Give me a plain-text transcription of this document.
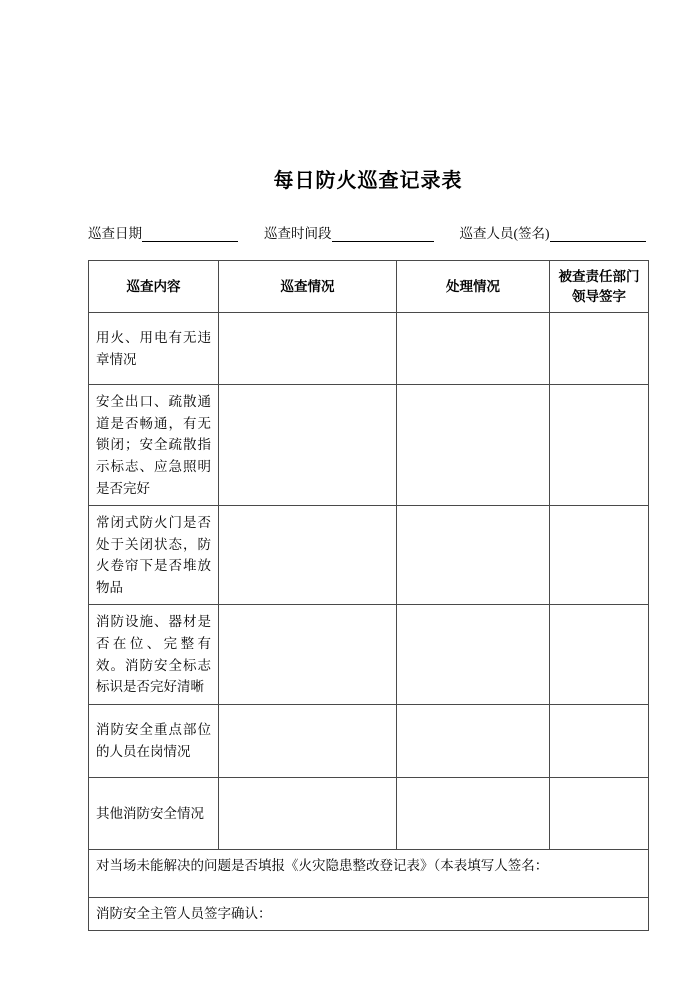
每日防火巡查记录表
巡查日期	巡查时间段	巡查人员(签名)
巡查内容	巡查情况	处理情况	被查责任部门领导签字
用火、用电有无违章情况			
安全出口、疏散通道是否畅通，有无锁闭；安全疏散指示标志、应急照明是否完好			
常闭式防火门是否处于关闭状态，防火卷帘下是否堆放物品			
消防设施、器材是否在位、完整有效。消防安全标志标识是否完好清晰			
消防安全重点部位的人员在岗情况			
其他消防安全情况			
对当场未能解决的问题是否填报《火灾隐患整改登记表》（本表填写人签名：			
消防安全主管人员签字确认：			
